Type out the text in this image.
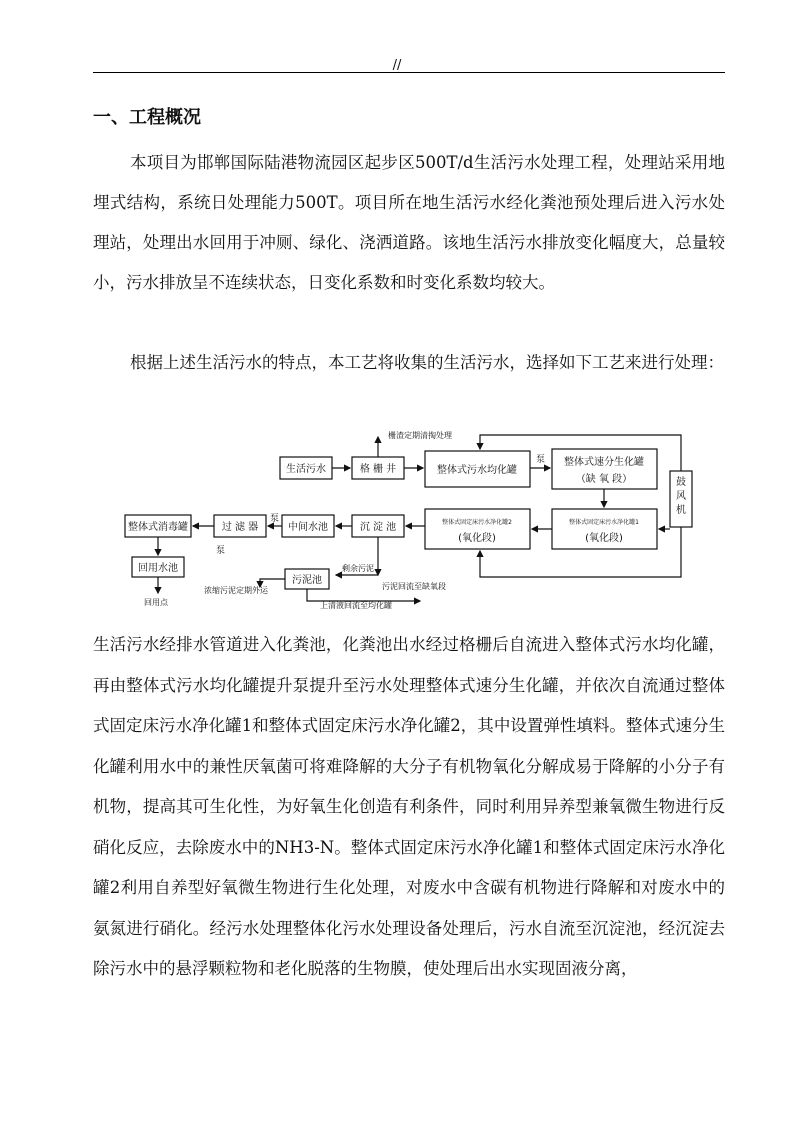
//
一、工程概况

本项目为邯郸国际陆港物流园区起步区500T/d生活污水处理工程，处理站采用地埋式结构，系统日处理能力500T。项目所在地生活污水经化粪池预处理后进入污水处理站，处理出水回用于冲厕、绿化、浇洒道路。该地生活污水排放变化幅度大，总量较小，污水排放呈不连续状态，日变化系数和时变化系数均较大。

根据上述生活污水的特点，本工艺将收集的生活污水，选择如下工艺来进行处理：

生活污水	格 栅 井	整体式污水均化罐
整体式速分生化罐
（缺 氧 段）	鼓风机
整体式固定床污水净化罐1
(氧化段)
整体式固定床污水净化罐2
(氧化段)
沉 淀 池
中间水池
过 滤 器
整体式消毒罐
回用水池
污泥池
栅渣定期清掏处理
泵
泵
泵
回用点
剩余污泥
污泥回流至缺氧段
上清液回流至均化罐
浓缩污泥定期外运

生活污水经排水管道进入化粪池，化粪池出水经过格栅后自流进入整体式污水均化罐，再由整体式污水均化罐提升泵提升至污水处理整体式速分生化罐，并依次自流通过整体式固定床污水净化罐1和整体式固定床污水净化罐2，其中设置弹性填料。整体式速分生化罐利用水中的兼性厌氧菌可将难降解的大分子有机物氧化分解成易于降解的小分子有机物，提高其可生化性，为好氧生化创造有利条件，同时利用异养型兼氧微生物进行反硝化反应，去除废水中的NH3-N。整体式固定床污水净化罐1和整体式固定床污水净化罐2利用自养型好氧微生物进行生化处理，对废水中含碳有机物进行降解和对废水中的氨氮进行硝化。经污水处理整体化污水处理设备处理后，污水自流至沉淀池，经沉淀去除污水中的悬浮颗粒物和老化脱落的生物膜，使处理后出水实现固液分离，
